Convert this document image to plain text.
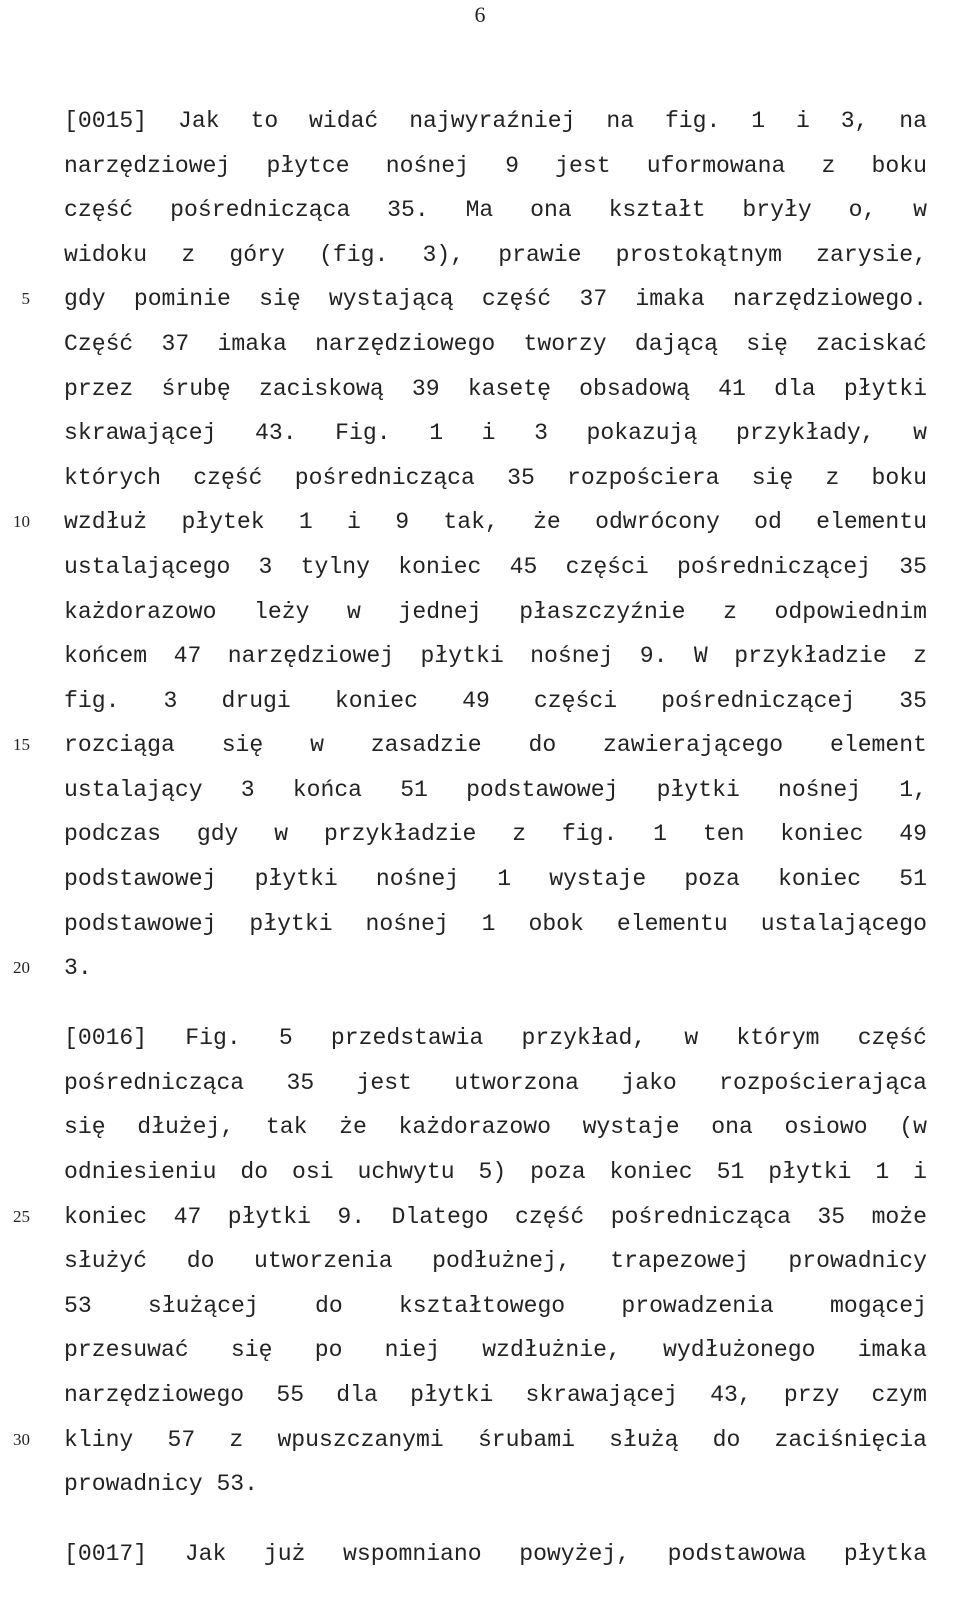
6
5
10
15
20
25
30
[0015] Jak to widać najwyraźniej na fig. 1 i 3, na
narzędziowej płytce nośnej 9 jest uformowana z boku
część pośrednicząca 35. Ma ona kształt bryły o, w
widoku z góry (fig. 3), prawie prostokątnym zarysie,
gdy pominie się wystającą część 37 imaka narzędziowego.
Część 37 imaka narzędziowego tworzy dającą się zaciskać
przez śrubę zaciskową 39 kasetę obsadową 41 dla płytki
skrawającej 43. Fig. 1 i 3 pokazują przykłady, w
których część pośrednicząca 35 rozpościera się z boku
wzdłuż płytek 1 i 9 tak, że odwrócony od elementu
ustalającego 3 tylny koniec 45 części pośredniczącej 35
każdorazowo leży w jednej płaszczyźnie z odpowiednim
końcem 47 narzędziowej płytki nośnej 9. W przykładzie z
fig. 3 drugi koniec 49 części pośredniczącej 35
rozciąga się w zasadzie do zawierającego element
ustalający 3 końca 51 podstawowej płytki nośnej 1,
podczas gdy w przykładzie z fig. 1 ten koniec 49
podstawowej płytki nośnej 1 wystaje poza koniec 51
podstawowej płytki nośnej 1 obok elementu ustalającego
3.
[0016] Fig. 5 przedstawia przykład, w którym część
pośrednicząca 35 jest utworzona jako rozpościerająca
się dłużej, tak że każdorazowo wystaje ona osiowo (w
odniesieniu do osi uchwytu 5) poza koniec 51 płytki 1 i
koniec 47 płytki 9. Dlatego część pośrednicząca 35 może
służyć do utworzenia podłużnej, trapezowej prowadnicy
53 służącej do kształtowego prowadzenia mogącej
przesuwać się po niej wzdłużnie, wydłużonego imaka
narzędziowego 55 dla płytki skrawającej 43, przy czym
kliny 57 z wpuszczanymi śrubami służą do zaciśnięcia
prowadnicy 53.
[0017] Jak już wspomniano powyżej, podstawowa płytka
